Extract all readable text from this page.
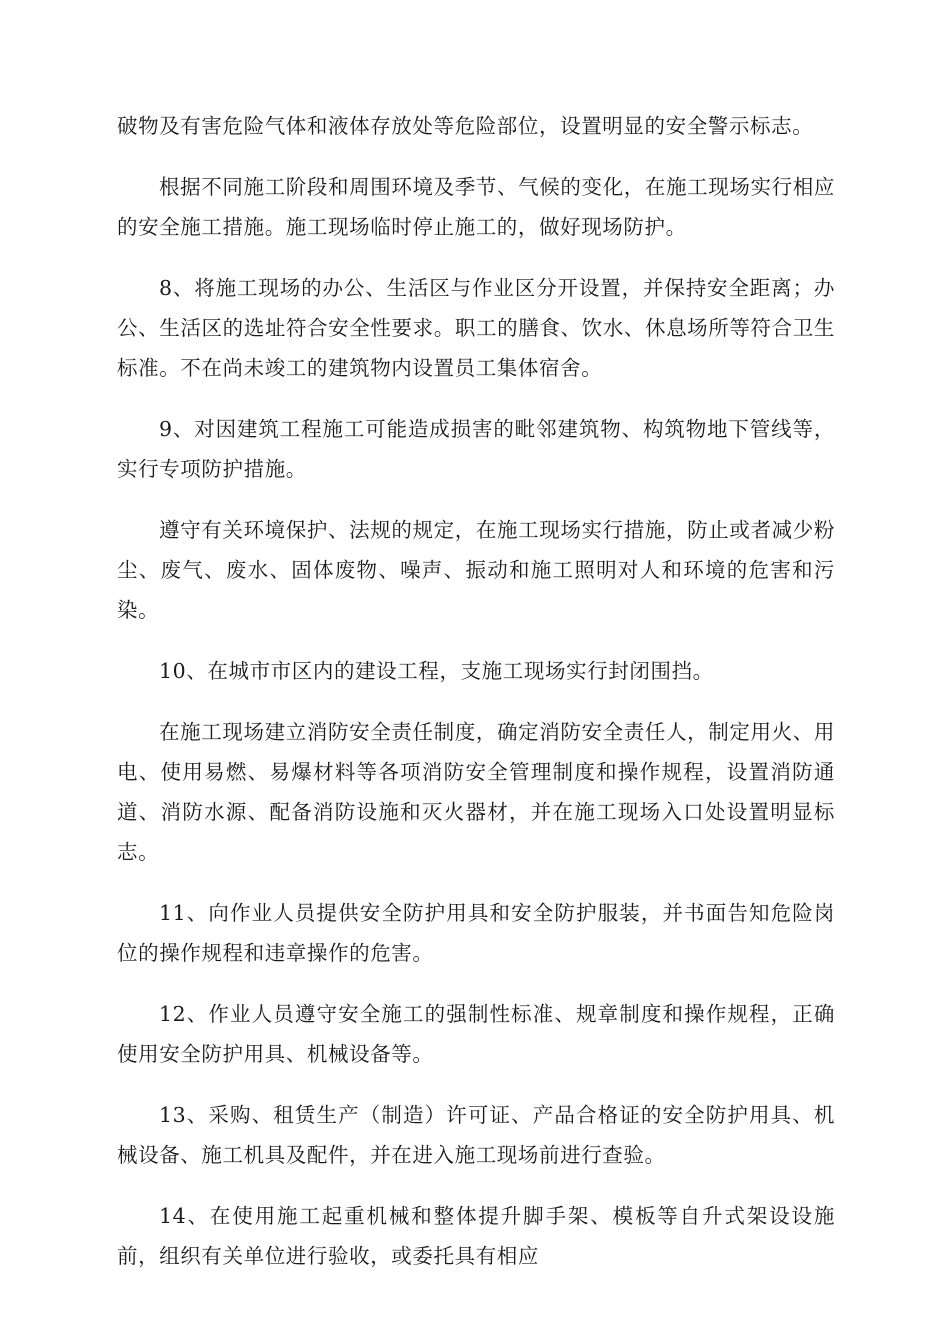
破物及有害危险气体和液体存放处等危险部位，设置明显的安全警示标志。

根据不同施工阶段和周围环境及季节、气候的变化，在施工现场实行相应的安全施工措施。施工现场临时停止施工的，做好现场防护。

8、将施工现场的办公、生活区与作业区分开设置，并保持安全距离；办公、生活区的选址符合安全性要求。职工的膳食、饮水、休息场所等符合卫生标准。不在尚未竣工的建筑物内设置员工集体宿舍。

9、对因建筑工程施工可能造成损害的毗邻建筑物、构筑物地下管线等，实行专项防护措施。

遵守有关环境保护、法规的规定，在施工现场实行措施，防止或者减少粉尘、废气、废水、固体废物、噪声、振动和施工照明对人和环境的危害和污染。

10、在城市市区内的建设工程，支施工现场实行封闭围挡。

在施工现场建立消防安全责任制度，确定消防安全责任人，制定用火、用电、使用易燃、易爆材料等各项消防安全管理制度和操作规程，设置消防通道、消防水源、配备消防设施和灭火器材，并在施工现场入口处设置明显标志。

11、向作业人员提供安全防护用具和安全防护服装，并书面告知危险岗位的操作规程和违章操作的危害。

12、作业人员遵守安全施工的强制性标准、规章制度和操作规程，正确使用安全防护用具、机械设备等。

13、采购、租赁生产（制造）许可证、产品合格证的安全防护用具、机械设备、施工机具及配件，并在进入施工现场前进行查验。

14、在使用施工起重机械和整体提升脚手架、模板等自升式架设设施前，组织有关单位进行验收，或委托具有相应
